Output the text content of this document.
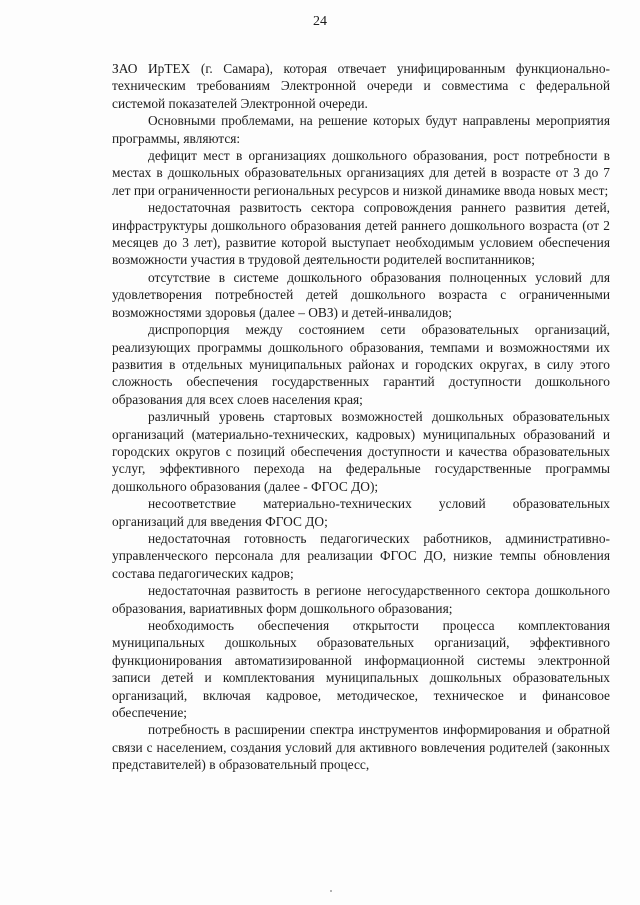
24

ЗАО ИрТЕХ (г. Самара), которая отвечает унифицированным функционально-техническим требованиям Электронной очереди и совместима с федеральной системой показателей Электронной очереди.

Основными проблемами, на решение которых будут направлены мероприятия программы, являются:

дефицит мест в организациях дошкольного образования, рост потребности в местах в дошкольных образовательных организациях для детей в возрасте от 3 до 7 лет при ограниченности региональных ресурсов и низкой динамике ввода новых мест;

недостаточная развитость сектора сопровождения раннего развития детей, инфраструктуры дошкольного образования детей раннего дошкольного возраста (от 2 месяцев до 3 лет), развитие которой выступает необходимым условием обеспечения возможности участия в трудовой деятельности родителей воспитанников;

отсутствие в системе дошкольного образования полноценных условий для удовлетворения потребностей детей дошкольного возраста с ограниченными возможностями здоровья (далее – ОВЗ) и детей-инвалидов;

диспропорция между состоянием сети образовательных организаций, реализующих программы дошкольного образования, темпами и возможностями их развития в отдельных муниципальных районах и городских округах, в силу этого сложность обеспечения государственных гарантий доступности дошкольного образования для всех слоев населения края;

различный уровень стартовых возможностей дошкольных образовательных организаций (материально-технических, кадровых) муниципальных образований и городских округов с позиций обеспечения доступности и качества образовательных услуг, эффективного перехода на федеральные государственные программы дошкольного образования (далее - ФГОС ДО);

несоответствие материально-технических условий образовательных организаций для введения ФГОС ДО;

недостаточная готовность педагогических работников, административно-управленческого персонала для реализации ФГОС ДО, низкие темпы обновления состава педагогических кадров;

недостаточная развитость в регионе негосударственного сектора дошкольного образования, вариативных форм дошкольного образования;

необходимость обеспечения открытости процесса комплектования муниципальных дошкольных образовательных организаций, эффективного функционирования автоматизированной информационной системы электронной записи детей и комплектования муниципальных дошкольных образовательных организаций, включая кадровое, методическое, техническое и финансовое обеспечение;

потребность в расширении спектра инструментов информирования и обратной связи с населением, создания условий для активного вовлечения родителей (законных представителей) в образовательный процесс,
